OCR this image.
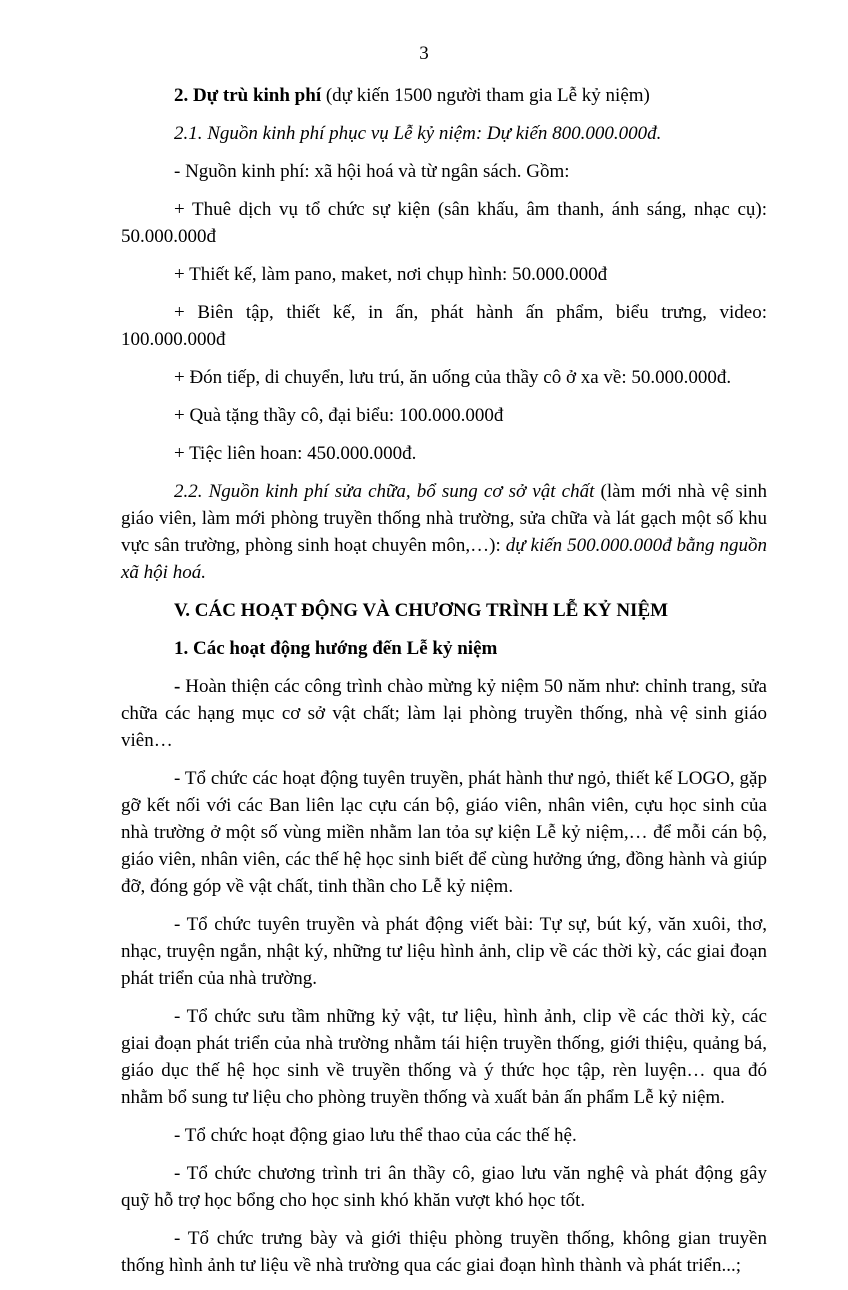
3

2. Dự trù kinh phí (dự kiến 1500 người tham gia Lễ kỷ niệm)

2.1. Nguồn kinh phí phục vụ Lễ kỷ niệm: Dự kiến 800.000.000đ.

- Nguồn kinh phí: xã hội hoá và từ ngân sách. Gồm:

+ Thuê dịch vụ tổ chức sự kiện (sân khấu, âm thanh, ánh sáng, nhạc cụ): 50.000.000đ

+ Thiết kế, làm pano, maket, nơi chụp hình: 50.000.000đ

+ Biên tập, thiết kế, in ấn, phát hành ấn phẩm, biểu trưng, video: 100.000.000đ

+ Đón tiếp, di chuyển, lưu trú, ăn uống của thầy cô ở xa về: 50.000.000đ.

+ Quà tặng thầy cô, đại biểu: 100.000.000đ

+ Tiệc liên hoan: 450.000.000đ.

2.2. Nguồn kinh phí sửa chữa, bổ sung cơ sở vật chất (làm mới nhà vệ sinh giáo viên, làm mới phòng truyền thống nhà trường, sửa chữa và lát gạch một số khu vực sân trường, phòng sinh hoạt chuyên môn,…): dự kiến 500.000.000đ bằng nguồn xã hội hoá.

V. CÁC HOẠT ĐỘNG VÀ CHƯƠNG TRÌNH LỄ KỶ NIỆM

1. Các hoạt động hướng đến Lễ kỷ niệm

- Hoàn thiện các công trình chào mừng kỷ niệm 50 năm như: chỉnh trang, sửa chữa các hạng mục cơ sở vật chất; làm lại phòng truyền thống, nhà vệ sinh giáo viên…

- Tổ chức các hoạt động tuyên truyền, phát hành thư ngỏ, thiết kế LOGO, gặp gỡ kết nối với các Ban liên lạc cựu cán bộ, giáo viên, nhân viên, cựu học sinh của nhà trường ở một số vùng miền nhằm lan tỏa sự kiện Lễ kỷ niệm,… để mỗi cán bộ, giáo viên, nhân viên, các thế hệ học sinh biết để cùng hưởng ứng, đồng hành và giúp đỡ, đóng góp về vật chất, tinh thần cho Lễ kỷ niệm.

- Tổ chức tuyên truyền và phát động viết bài: Tự sự, bút ký, văn xuôi, thơ, nhạc, truyện ngắn, nhật ký, những tư liệu hình ảnh, clip về các thời kỳ, các giai đoạn phát triển của nhà trường.

- Tổ chức sưu tầm những kỷ vật, tư liệu, hình ảnh, clip về các thời kỳ, các giai đoạn phát triển của nhà trường nhằm tái hiện truyền thống, giới thiệu, quảng bá, giáo dục thế hệ học sinh về truyền thống và ý thức học tập, rèn luyện… qua đó nhằm bổ sung tư liệu cho phòng truyền thống và xuất bản ấn phẩm Lễ kỷ niệm.

- Tổ chức hoạt động giao lưu thể thao của các thế hệ.

- Tổ chức chương trình tri ân thầy cô, giao lưu văn nghệ và phát động gây quỹ hỗ trợ học bổng cho học sinh khó khăn vượt khó học tốt.

- Tổ chức trưng bày và giới thiệu phòng truyền thống, không gian truyền thống hình ảnh tư liệu về nhà trường qua các giai đoạn hình thành và phát triển...;
